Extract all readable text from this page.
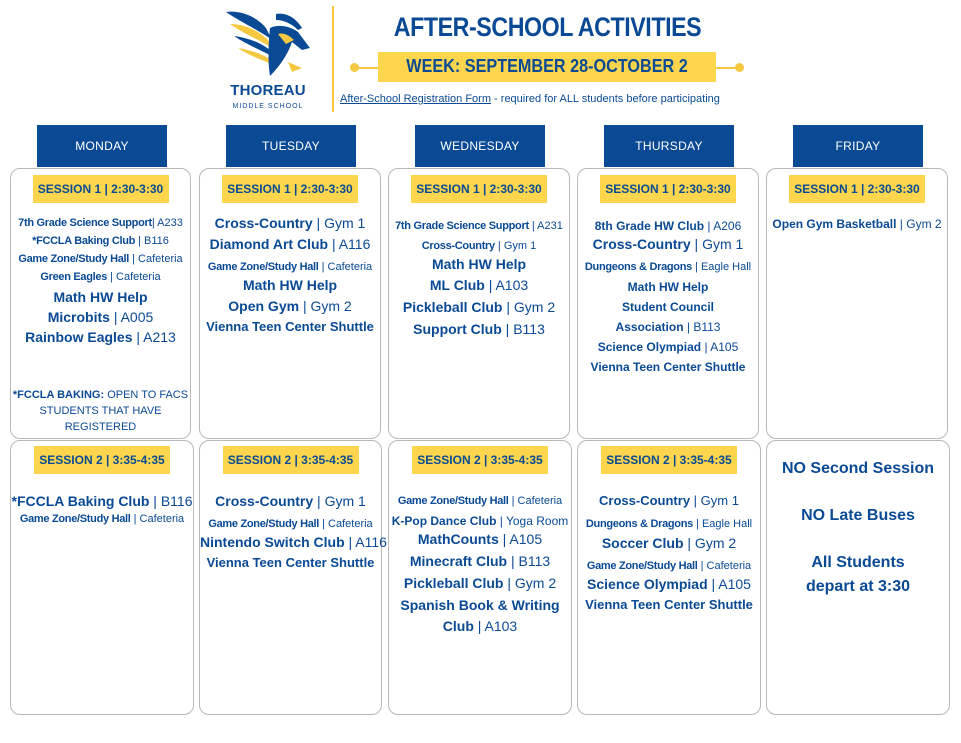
THOREAU
MIDDLE SCHOOL
AFTER-SCHOOL ACTIVITIES
WEEK: SEPTEMBER 28-OCTOBER 2
After-School Registration Form - required for ALL students before participating
MONDAY	TUESDAY	WEDNESDAY	THURSDAY	FRIDAY
SESSION 1 | 2:30-3:30
7th Grade Science Support| A233
*FCCLA Baking Club | B116
Game Zone/Study Hall | Cafeteria
Green Eagles | Cafeteria
Math HW Help
Microbits | A005
Rainbow Eagles | A213
*FCCLA BAKING: OPEN TO FACS
STUDENTS THAT HAVE REGISTERED
SESSION 2 | 3:35-4:35
*FCCLA Baking Club | B116
Game Zone/Study Hall | Cafeteria
SESSION 1 | 2:30-3:30
Cross-Country | Gym 1
Diamond Art Club | A116
Game Zone/Study Hall | Cafeteria
Math HW Help
Open Gym | Gym 2
Vienna Teen Center Shuttle
SESSION 2 | 3:35-4:35
Cross-Country | Gym 1
Game Zone/Study Hall | Cafeteria
Nintendo Switch Club | A116
Vienna Teen Center Shuttle
SESSION 1 | 2:30-3:30
7th Grade Science Support | A231
Cross-Country | Gym 1
Math HW Help
ML Club | A103
Pickleball Club | Gym 2
Support Club | B113
SESSION 2 | 3:35-4:35
Game Zone/Study Hall | Cafeteria
K-Pop Dance Club | Yoga Room
MathCounts | A105
Minecraft Club | B113
Pickleball Club | Gym 2
Spanish Book & Writing
Club | A103
SESSION 1 | 2:30-3:30
8th Grade HW Club | A206
Cross-Country | Gym 1
Dungeons & Dragons | Eagle Hall
Math HW Help
Student Council
Association | B113
Science Olympiad | A105
Vienna Teen Center Shuttle
SESSION 2 | 3:35-4:35
Cross-Country | Gym 1
Dungeons & Dragons | Eagle Hall
Soccer Club | Gym 2
Game Zone/Study Hall | Cafeteria
Science Olympiad | A105
Vienna Teen Center Shuttle
SESSION 1 | 2:30-3:30
Open Gym Basketball | Gym 2
NO Second Session
NO Late Buses
All Students
depart at 3:30
